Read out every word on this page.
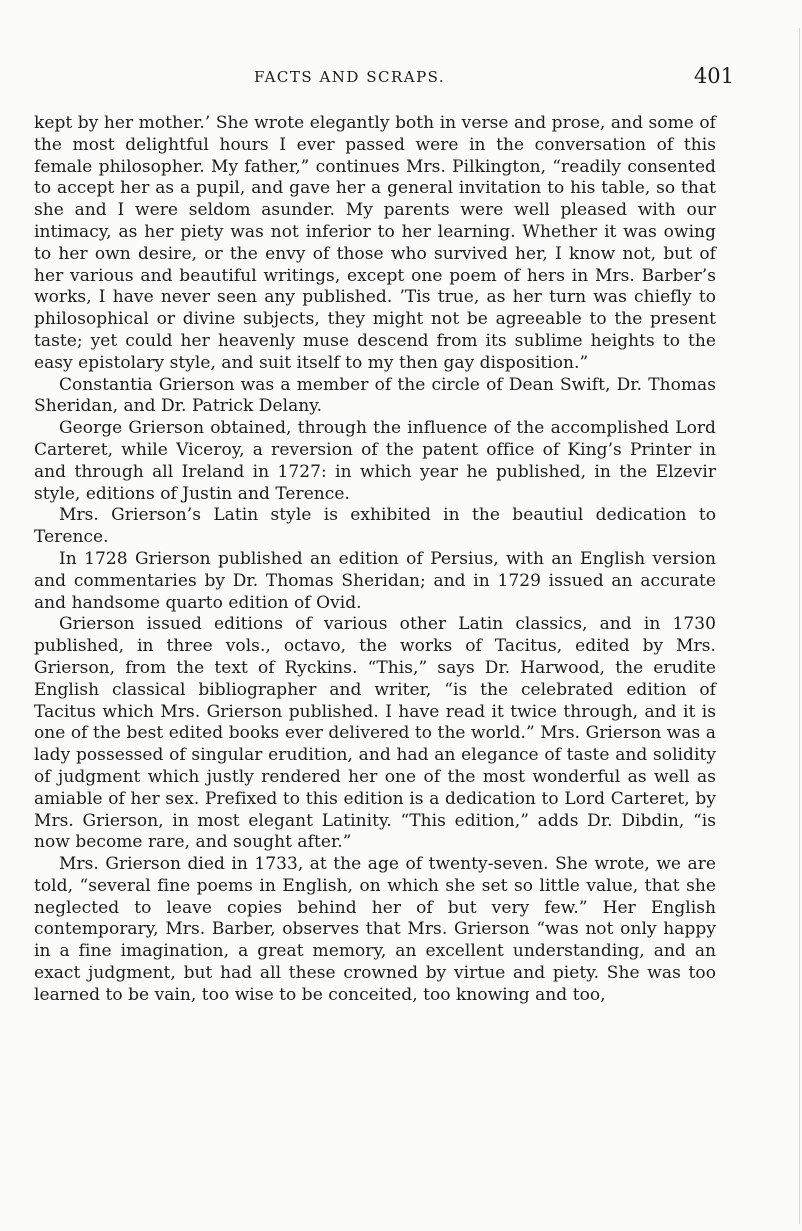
FACTS AND SCRAPS.	401

kept by her mother.’ She wrote elegantly both in verse and prose, and some of the most delightful hours I ever passed were in the conversation of this female philosopher. My father,” continues Mrs. Pilkington, “readily consented to accept her as a pupil, and gave her a general invitation to his table, so that she and I were seldom asunder. My parents were well pleased with our intimacy, as her piety was not inferior to her learning. Whether it was owing to her own desire, or the envy of those who survived her, I know not, but of her various and beautiful writings, except one poem of hers in Mrs. Barber’s works, I have never seen any published. ’Tis true, as her turn was chiefly to philosophical or divine subjects, they might not be agreeable to the present taste; yet could her heavenly muse descend from its sublime heights to the easy epistolary style, and suit itself to my then gay disposition.”

Constantia Grierson was a member of the circle of Dean Swift, Dr. Thomas Sheridan, and Dr. Patrick Delany.

George Grierson obtained, through the influence of the accomplished Lord Carteret, while Viceroy, a reversion of the patent office of King’s Printer in and through all Ireland in 1727: in which year he published, in the Elzevir style, editions of Justin and Terence.

Mrs. Grierson’s Latin style is exhibited in the beautiul dedication to Terence.

In 1728 Grierson published an edition of Persius, with an English version and commentaries by Dr. Thomas Sheridan; and in 1729 issued an accurate and handsome quarto edition of Ovid.

Grierson issued editions of various other Latin classics, and in 1730 published, in three vols., octavo, the works of Tacitus, edited by Mrs. Grierson, from the text of Ryckins. “This,” says Dr. Harwood, the erudite English classical bibliographer and writer, “is the celebrated edition of Tacitus which Mrs. Grierson published. I have read it twice through, and it is one of the best edited books ever delivered to the world.” Mrs. Grierson was a lady possessed of singular erudition, and had an elegance of taste and solidity of judgment which justly rendered her one of the most wonderful as well as amiable of her sex. Prefixed to this edition is a dedication to Lord Carteret, by Mrs. Grierson, in most elegant Latinity. “This edition,” adds Dr. Dibdin, “is now become rare, and sought after.”

Mrs. Grierson died in 1733, at the age of twenty-seven. She wrote, we are told, “several fine poems in English, on which she set so little value, that she neglected to leave copies behind her of but very few.” Her English contemporary, Mrs. Barber, observes that Mrs. Grierson “was not only happy in a fine imagination, a great memory, an excellent understanding, and an exact judgment, but had all these crowned by virtue and piety. She was too learned to be vain, too wise to be conceited, too knowing and too,
